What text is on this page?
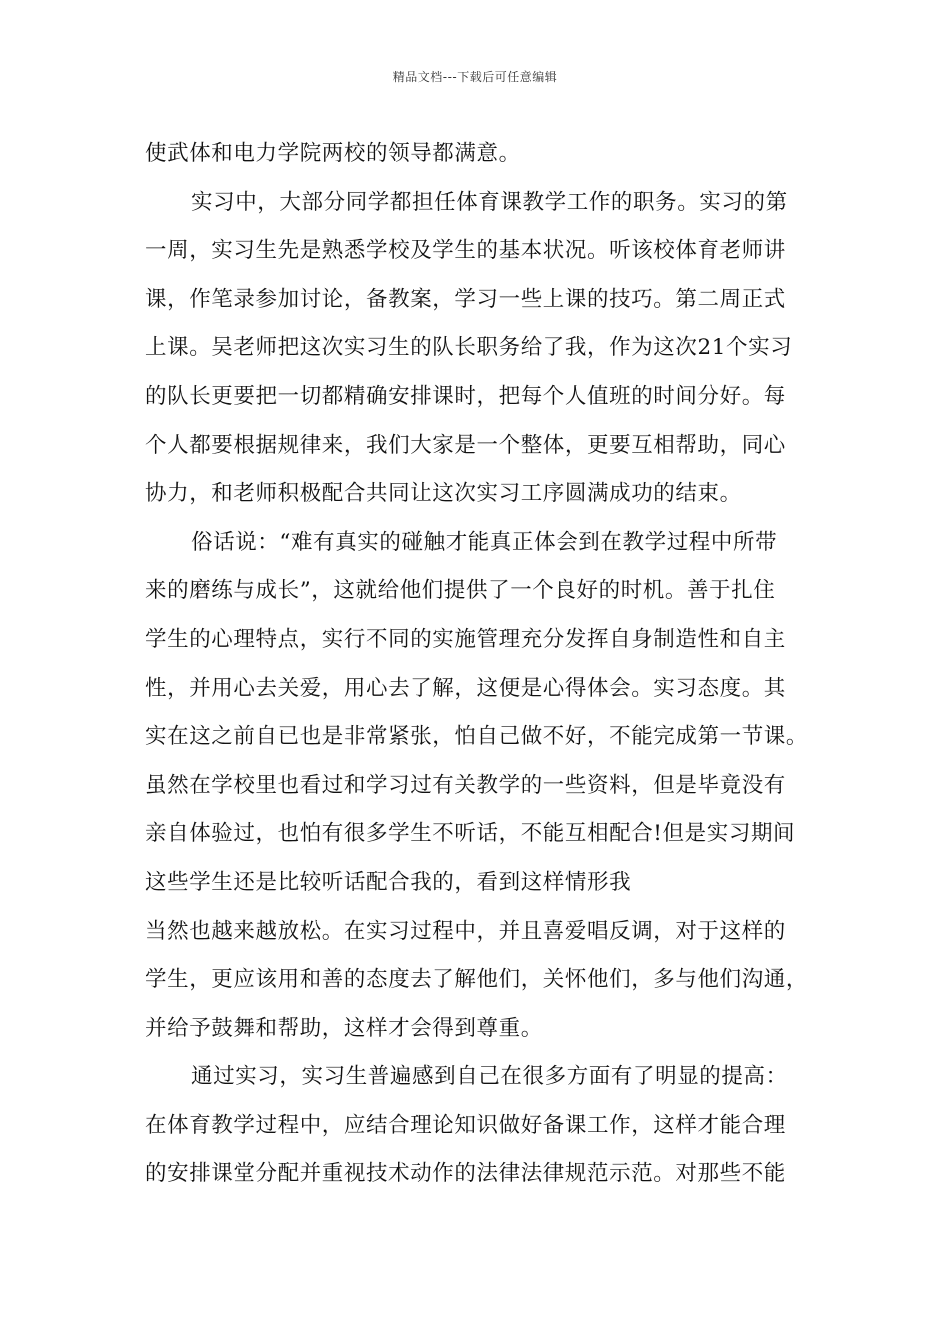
精品文档---下载后可任意编辑
使武体和电力学院两校的领导都满意。
实习中，大部分同学都担任体育课教学工作的职务。实习的第
一周，实习生先是熟悉学校及学生的基本状况。听该校体育老师讲
课，作笔录参加讨论，备教案，学习一些上课的技巧。第二周正式
上课。吴老师把这次实习生的队长职务给了我，作为这次21个实习
的队长更要把一切都精确安排课时，把每个人值班的时间分好。每
个人都要根据规律来，我们大家是一个整体，更要互相帮助，同心
协力，和老师积极配合共同让这次实习工序圆满成功的结束。
俗话说：“难有真实的碰触才能真正体会到在教学过程中所带
来的磨练与成长”，这就给他们提供了一个良好的时机。善于扎住
学生的心理特点，实行不同的实施管理充分发挥自身制造性和自主
性，并用心去关爱，用心去了解，这便是心得体会。实习态度。其
实在这之前自已也是非常紧张，怕自己做不好，不能完成第一节课。
虽然在学校里也看过和学习过有关教学的一些资料，但是毕竟没有
亲自体验过，也怕有很多学生不听话，不能互相配合!但是实习期间
这些学生还是比较听话配合我的，看到这样情形我
当然也越来越放松。在实习过程中，并且喜爱唱反调，对于这样的
学生，更应该用和善的态度去了解他们，关怀他们，多与他们沟通，
并给予鼓舞和帮助，这样才会得到尊重。
通过实习，实习生普遍感到自己在很多方面有了明显的提高：
在体育教学过程中，应结合理论知识做好备课工作，这样才能合理
的安排课堂分配并重视技术动作的法律法律规范示范。对那些不能
